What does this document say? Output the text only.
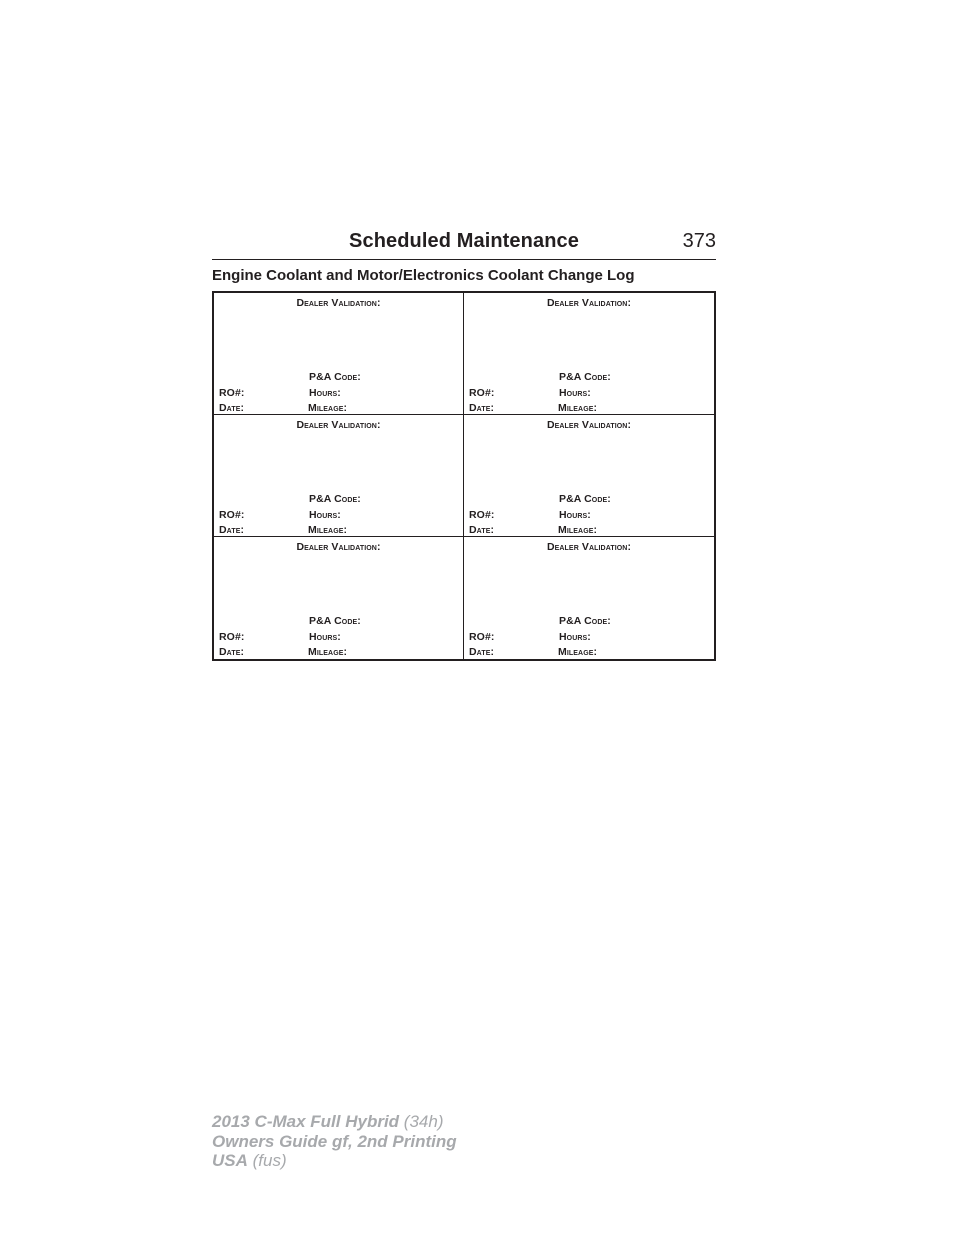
Scheduled Maintenance	373
Engine Coolant and Motor/Electronics Coolant Change Log
Dealer Validation:
P&A Code:
RO#:	Hours:
Date:	Mileage:
Dealer Validation:
P&A Code:
RO#:	Hours:
Date:	Mileage:
Dealer Validation:
P&A Code:
RO#:	Hours:
Date:	Mileage:
Dealer Validation:
P&A Code:
RO#:	Hours:
Date:	Mileage:
Dealer Validation:
P&A Code:
RO#:	Hours:
Date:	Mileage:
Dealer Validation:
P&A Code:
RO#:	Hours:
Date:	Mileage:
2013 C-Max Full Hybrid (34h)
Owners Guide gf, 2nd Printing
USA (fus)
